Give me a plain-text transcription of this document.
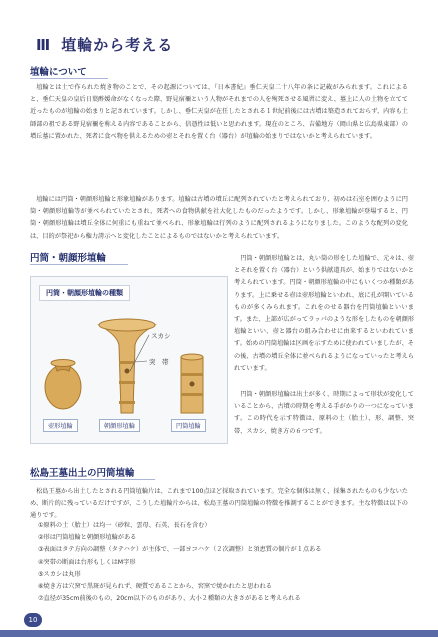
Ⅲ 埴輪から考える
埴輪について

埴輪とは土で作られた焼き物のことで、その起源については、『日本書紀』垂仁天皇二十八年の条に記載がみられます。これによると、垂仁天皇の皇后日葉酢媛命がなくなった際、野見宿禰という人物がそれまでの人を殉死させる風習に変え、墓上に人の土物を立てて近ったものが埴輪の始まりと記されています。しかし、垂仁天皇が在任したとされる１世紀前後には古墳は築造されておらず、内容も土師部の祖である野見宿禰を称える内容であることから、信憑性は低いと思われます。現在のところ、吉備地方（岡山県と広島県東部）の墳丘墓に置かれた、死者に食べ物を供えるための壺とそれを置く台（器台）が埴輪の始まりではないかと考えられています。

埴輪には円筒・朝顔形埴輪と形象埴輪があります。埴輪は古墳の墳丘に配列されていたと考えられており、初めは石室を囲むように円筒・朝顔形埴輪等が並べられていたとされ、死者への食物供献を社大化したものだったようです。しかし、形象埴輪が登場すると、円筒・朝顔形埴輪は墳丘全体に何重にも重ねて並べられ、形象埴輪は行列のように配列されるようになりました。このような配列の変化は、目的が祭祀から権力誇示へと変化したことによるものではないかと考えられています。

円筒・朝顔形埴輪
円筒・朝顔形埴輪の種類
スカシ
突　帯
壺形埴輪	朝顔形埴輪	円筒埴輪

円筒・朝顔形埴輪とは、丸い筒の形をした埴輪で、元々は、壺とそれを置く台（器台）という供献道具が、始まりではないかと考えられています。円筒・朝顔形埴輪の中にもいくつか種類があります。上に乗せる壺は壺形埴輪といわれ、底に孔が開いているものが多くみられます。これをのせる器台を円筒埴輪といいます。また、上部が広がってラッパのような形をしたものを朝顔形埴輪といい、壺と器台の組み合わせに由来するといわれています。始めの円筒埴輪は区画を示すために使われていましたが、その後、古墳の墳丘全体に並べられるようになっていったと考えられています。

円筒・朝顔形埴輪は出土が多く、時期によって形状が変化していることから、古墳の時期を考える手がかりの一つになっています。この時代を示す特徴は、原料の土（胎土）、形、調整、突帯、スカシ、焼き方の６つです。

松島王墓出土の円筒埴輪

松島王墓から出土したとされる円筒埴輪片は、これまで100点ほど採取されています。完全な個体は無く、採集されたものも少ないため、断片的に残っているだけですが、こうした埴輪片からは、松島王墓の円筒埴輪の特徴を推測することができます。主な特徴は以下の通りです。

①原料の土（胎土）は均一（砂粒、雲母、石英、長石を含む）
②形は円筒埴輪と朝顔形埴輪がある
③表面はタテ方向の調整（タテハケ）が主体で、一部ヨコハケ（２次調整）と須恵質の個片が１点ある
④突帯の断面は台形もしくはM字形
⑤スカシは丸形
⑥焼き方は穴窯で黒斑が見られず、硬質であることから、窖窯で焼かれたと思われる
⑦直径が35cm前後のもの、20cm以下のものがあり、大小２種類の大きさがあると考えられる
10
